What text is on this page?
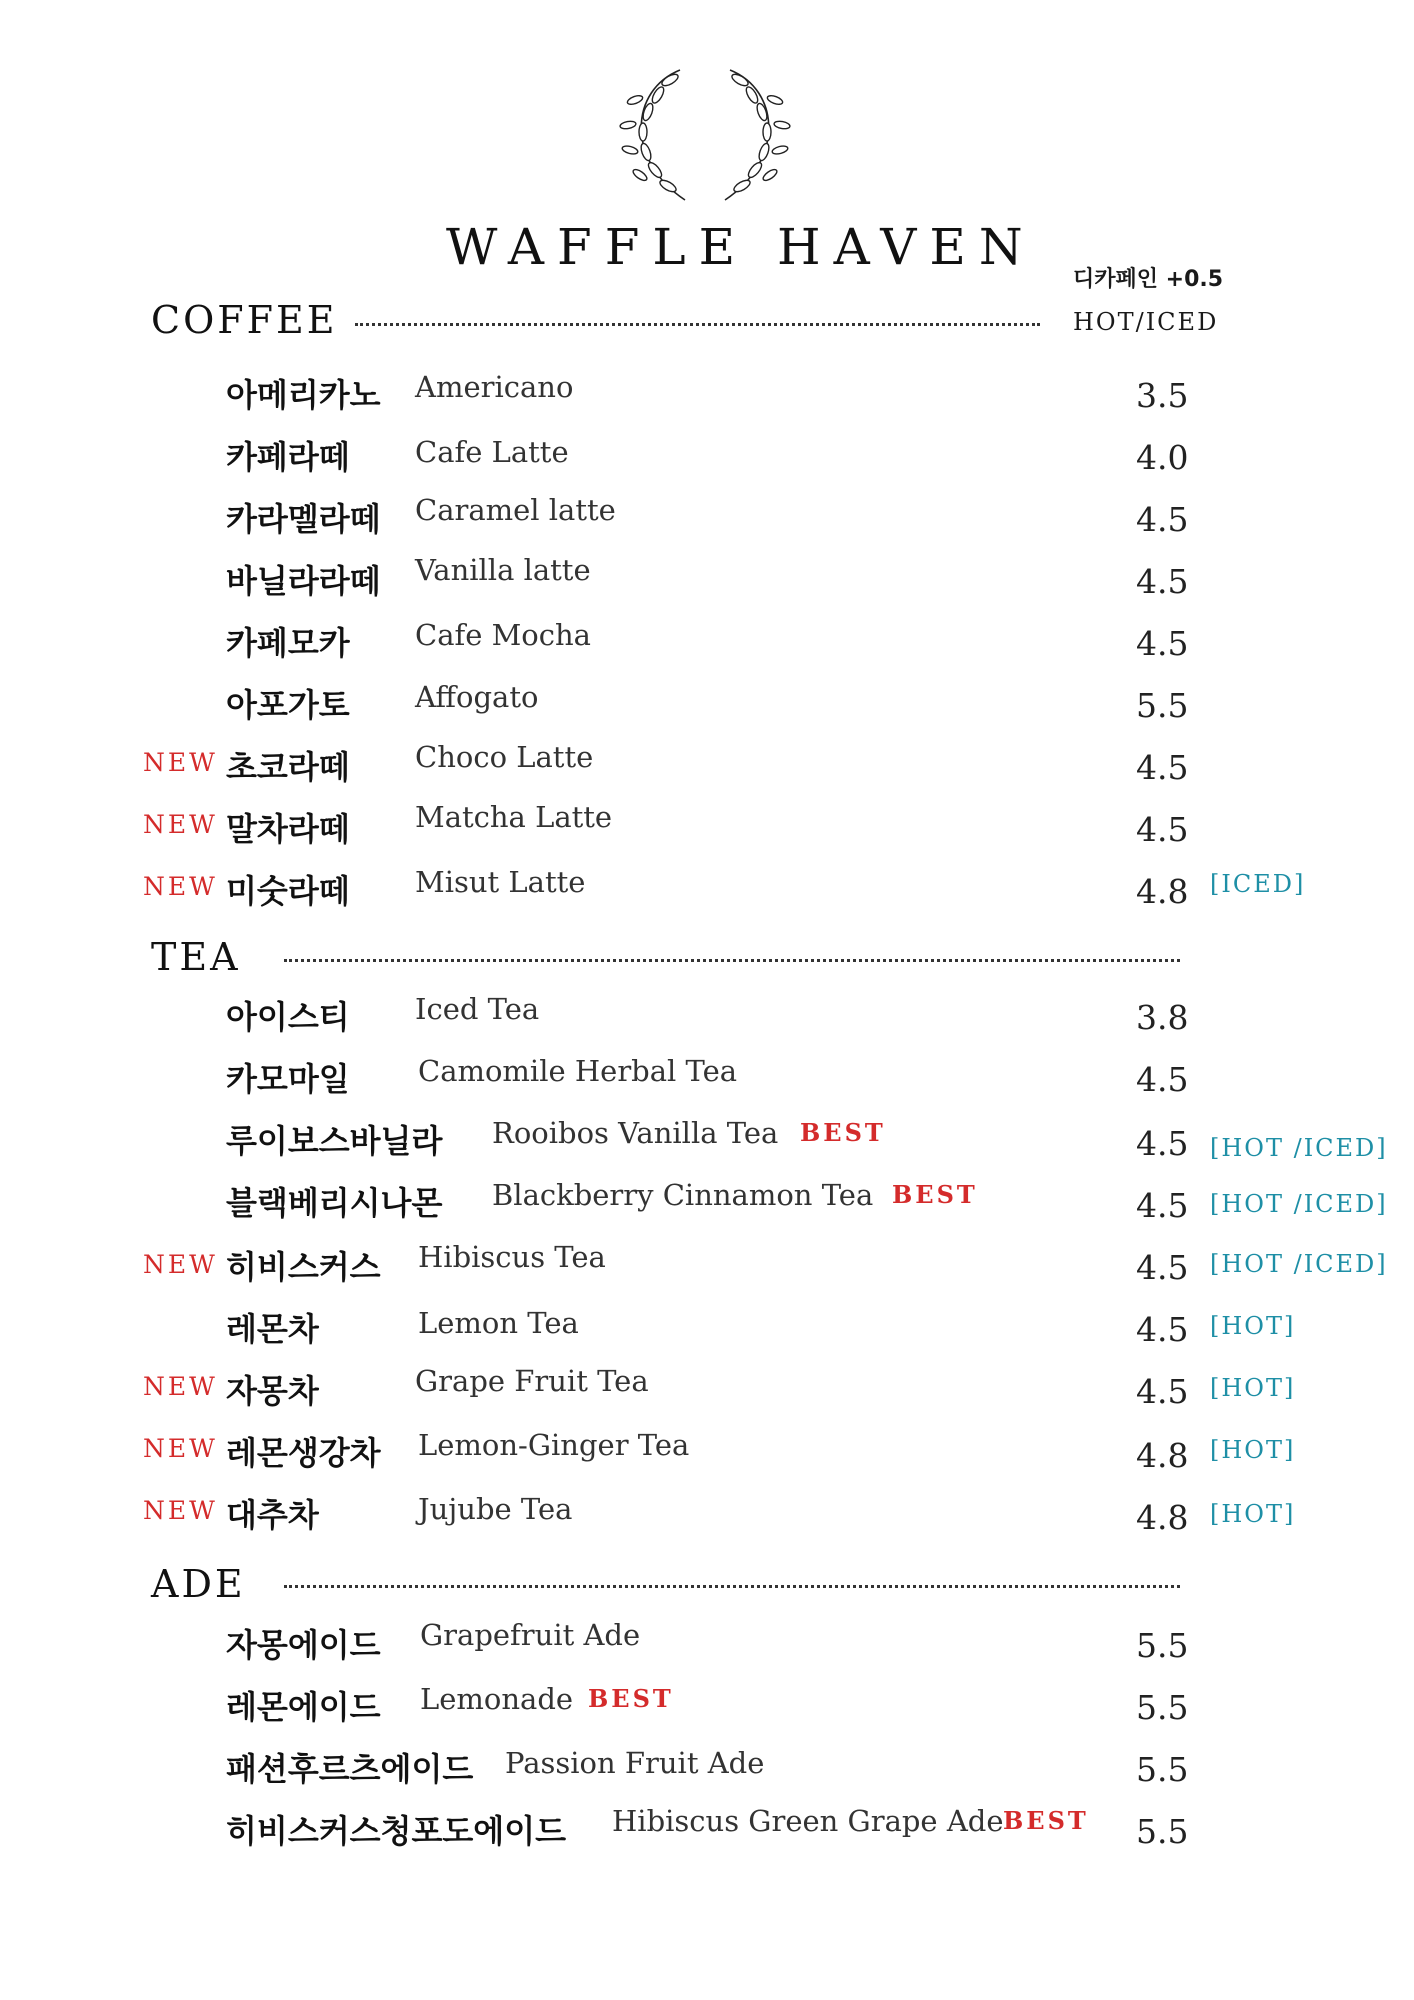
WAFFLE HAVEN
디카페인 +0.5
HOT/ICED
COFFEE
아메리카노 Americano	3.5
카페라떼 Cafe Latte	4.0
카라멜라떼 Caramel latte	4.5
바닐라라떼 Vanilla latte	4.5
카페모카 Cafe Mocha	4.5
아포가토 Affogato	5.5
NEW 초코라떼 Choco Latte	4.5
NEW 말차라떼 Matcha Latte	4.5
NEW 미숫라떼 Misut Latte	4.8 [ICED]
TEA
아이스티 Iced Tea	3.8
카모마일 Camomile Herbal Tea	4.5
루이보스바닐라 Rooibos Vanilla Tea BEST	4.5 [HOT /ICED]
블랙베리시나몬 Blackberry Cinnamon Tea BEST	4.5 [HOT /ICED]
NEW 히비스커스 Hibiscus Tea	4.5 [HOT /ICED]
레몬차	Lemon Tea	4.5 [HOT]
NEW 자몽차	Grape Fruit Tea	4.5 [HOT]
NEW 레몬생강차 Lemon-Ginger Tea	4.8 [HOT]
NEW 대추차	Jujube Tea	4.8 [HOT]
ADE
자몽에이드 Grapefruit Ade	5.5
레몬에이드 Lemonade BEST	5.5
패션후르츠에이드 Passion Fruit Ade	5.5
히비스커스청포도에이드 Hibiscus Green Grape Ade BEST 5.5
